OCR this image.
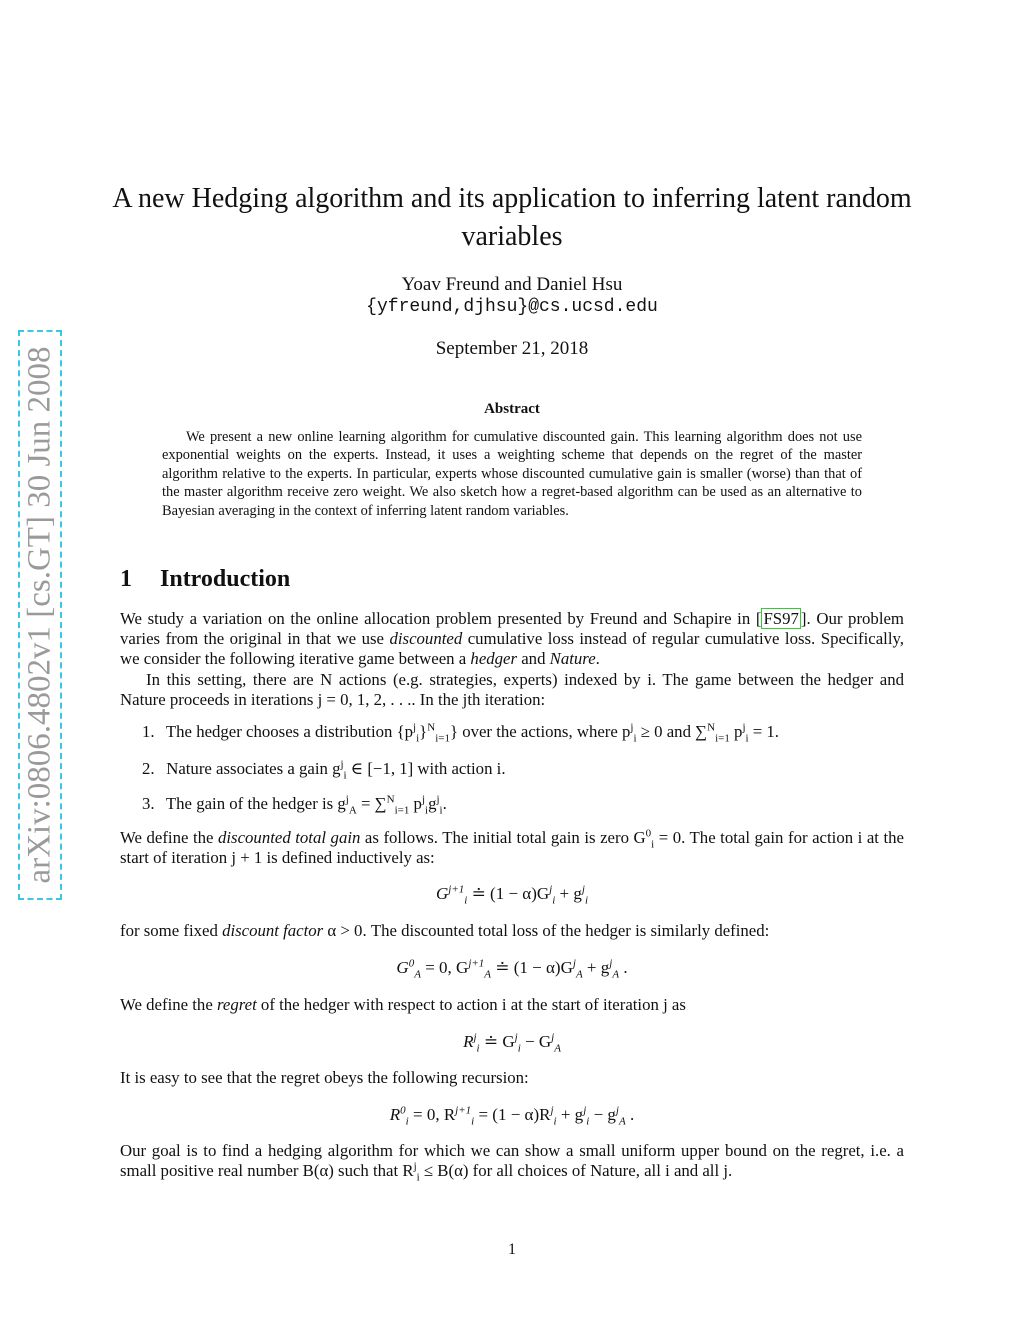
arXiv:0806.4802v1 [cs.GT] 30 Jun 2008
A new Hedging algorithm and its application to inferring latent random variables
Yoav Freund and Daniel Hsu
{yfreund,djhsu}@cs.ucsd.edu
September 21, 2018
Abstract
We present a new online learning algorithm for cumulative discounted gain. This learning algorithm does not use exponential weights on the experts. Instead, it uses a weighting scheme that depends on the regret of the master algorithm relative to the experts. In particular, experts whose discounted cumulative gain is smaller (worse) than that of the master algorithm receive zero weight. We also sketch how a regret-based algorithm can be used as an alternative to Bayesian averaging in the context of inferring latent random variables.
1 Introduction
We study a variation on the online allocation problem presented by Freund and Schapire in [ FS97 ]. Our problem varies from the original in that we use discounted cumulative loss instead of regular cumulative loss. Specifically, we consider the following iterative game between a hedger and Nature.
In this setting, there are N actions (e.g. strategies, experts) indexed by i. The game between the hedger and Nature proceeds in iterations j = 0, 1, 2, . . .. In the jth iteration:
1. The hedger chooses a distribution $\{p^j_i\}^N_{i=1}$} over the actions, where $p^j_i \ge 0$ and ∑$^N_{i=1}$ $p^j_i = 1$.
2. Nature associates a gain $g^j_i$ ∈ [−1, 1] with action i.
3. The gain of the hedger is $g^j_A = \sum^N_{i=1}$ $p^j_ig^j_i$.
We define the discounted total gain as follows. The initial total gain is zero $G^0_i = 0$. The total gain for action i at the start of iteration j + 1 is defined inductively as:
$G^{j+1}_i$ ≐ $(1 - \alpha)G^j_i + g^j_i$
for some fixed discount factor α > 0. The discounted total loss of the hedger is similarly defined:
$G^0_A = 0$, $G^{j+1}_A$ ≐ $(1 - \alpha)G^j_A + g^j_A$ .
We define the regret of the hedger with respect to action i at the start of iteration j as
$R^j_i$ ≐ $G^j_i - G^j_A$
It is easy to see that the regret obeys the following recursion:
$R^0_i = 0$, $R^{j+1}_i = (1 - \alpha)R^j_i + g^j_i - g^j_A$ .
Our goal is to find a hedging algorithm for which we can show a small uniform upper bound on the regret, i.e. a small positive real number B(α) such that $R^j_i \le B(\alpha)$ for all choices of Nature, all i and all j.
1
